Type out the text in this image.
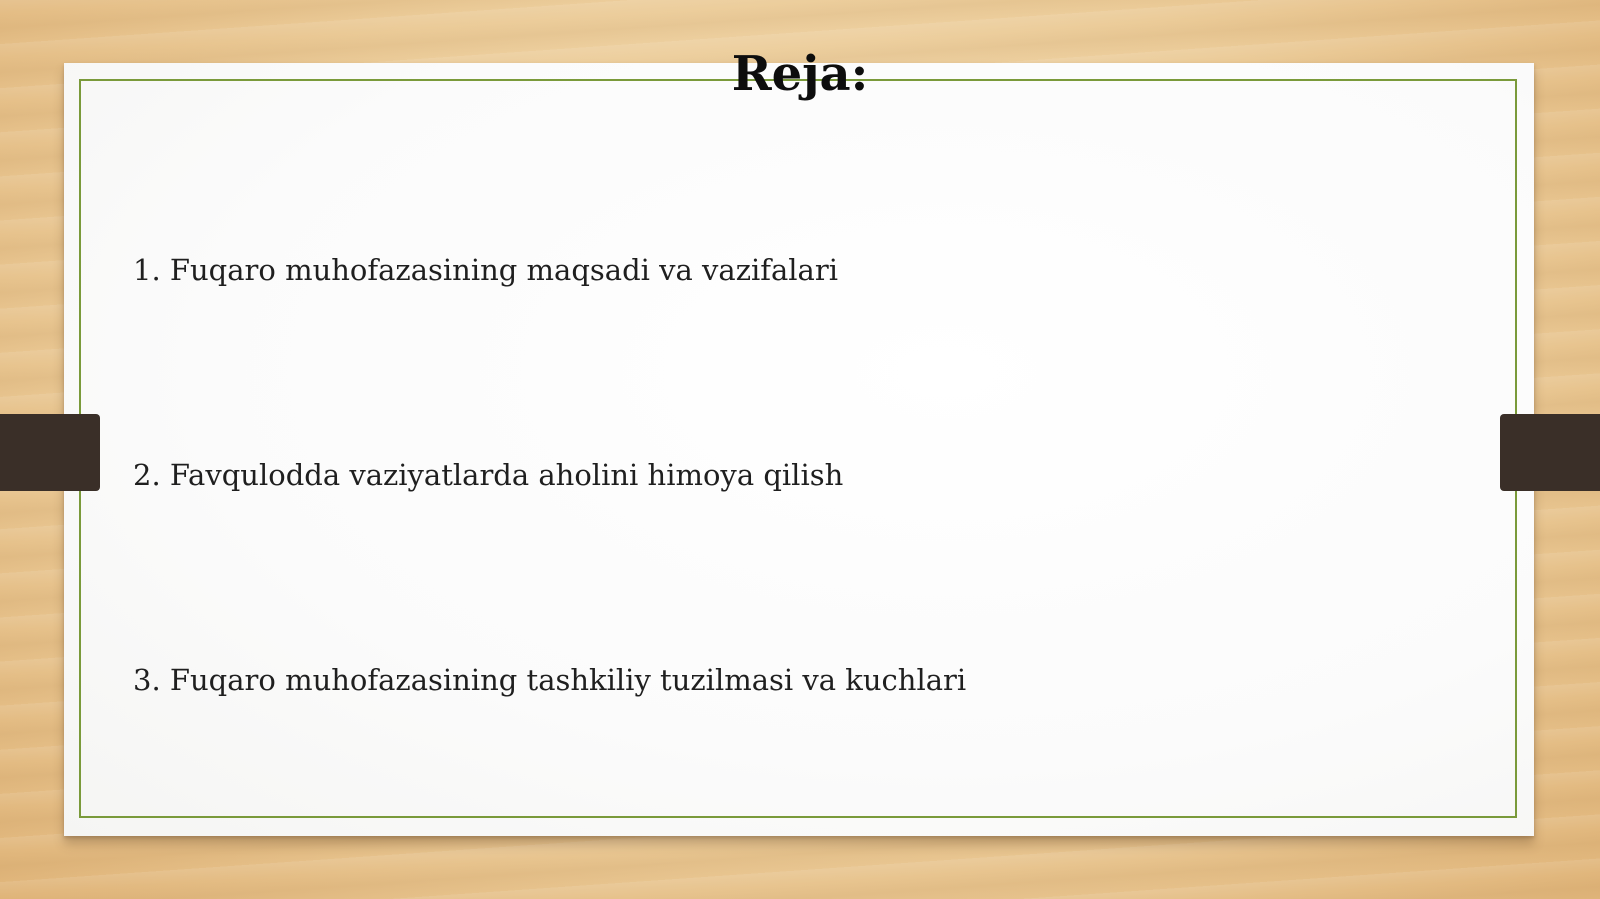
Reja:
1. Fuqaro muhofazasining maqsadi va vazifalari
2. Favqulodda vaziyatlarda aholini himoya qilish
3. Fuqaro muhofazasining tashkiliy tuzilmasi va kuchlari
